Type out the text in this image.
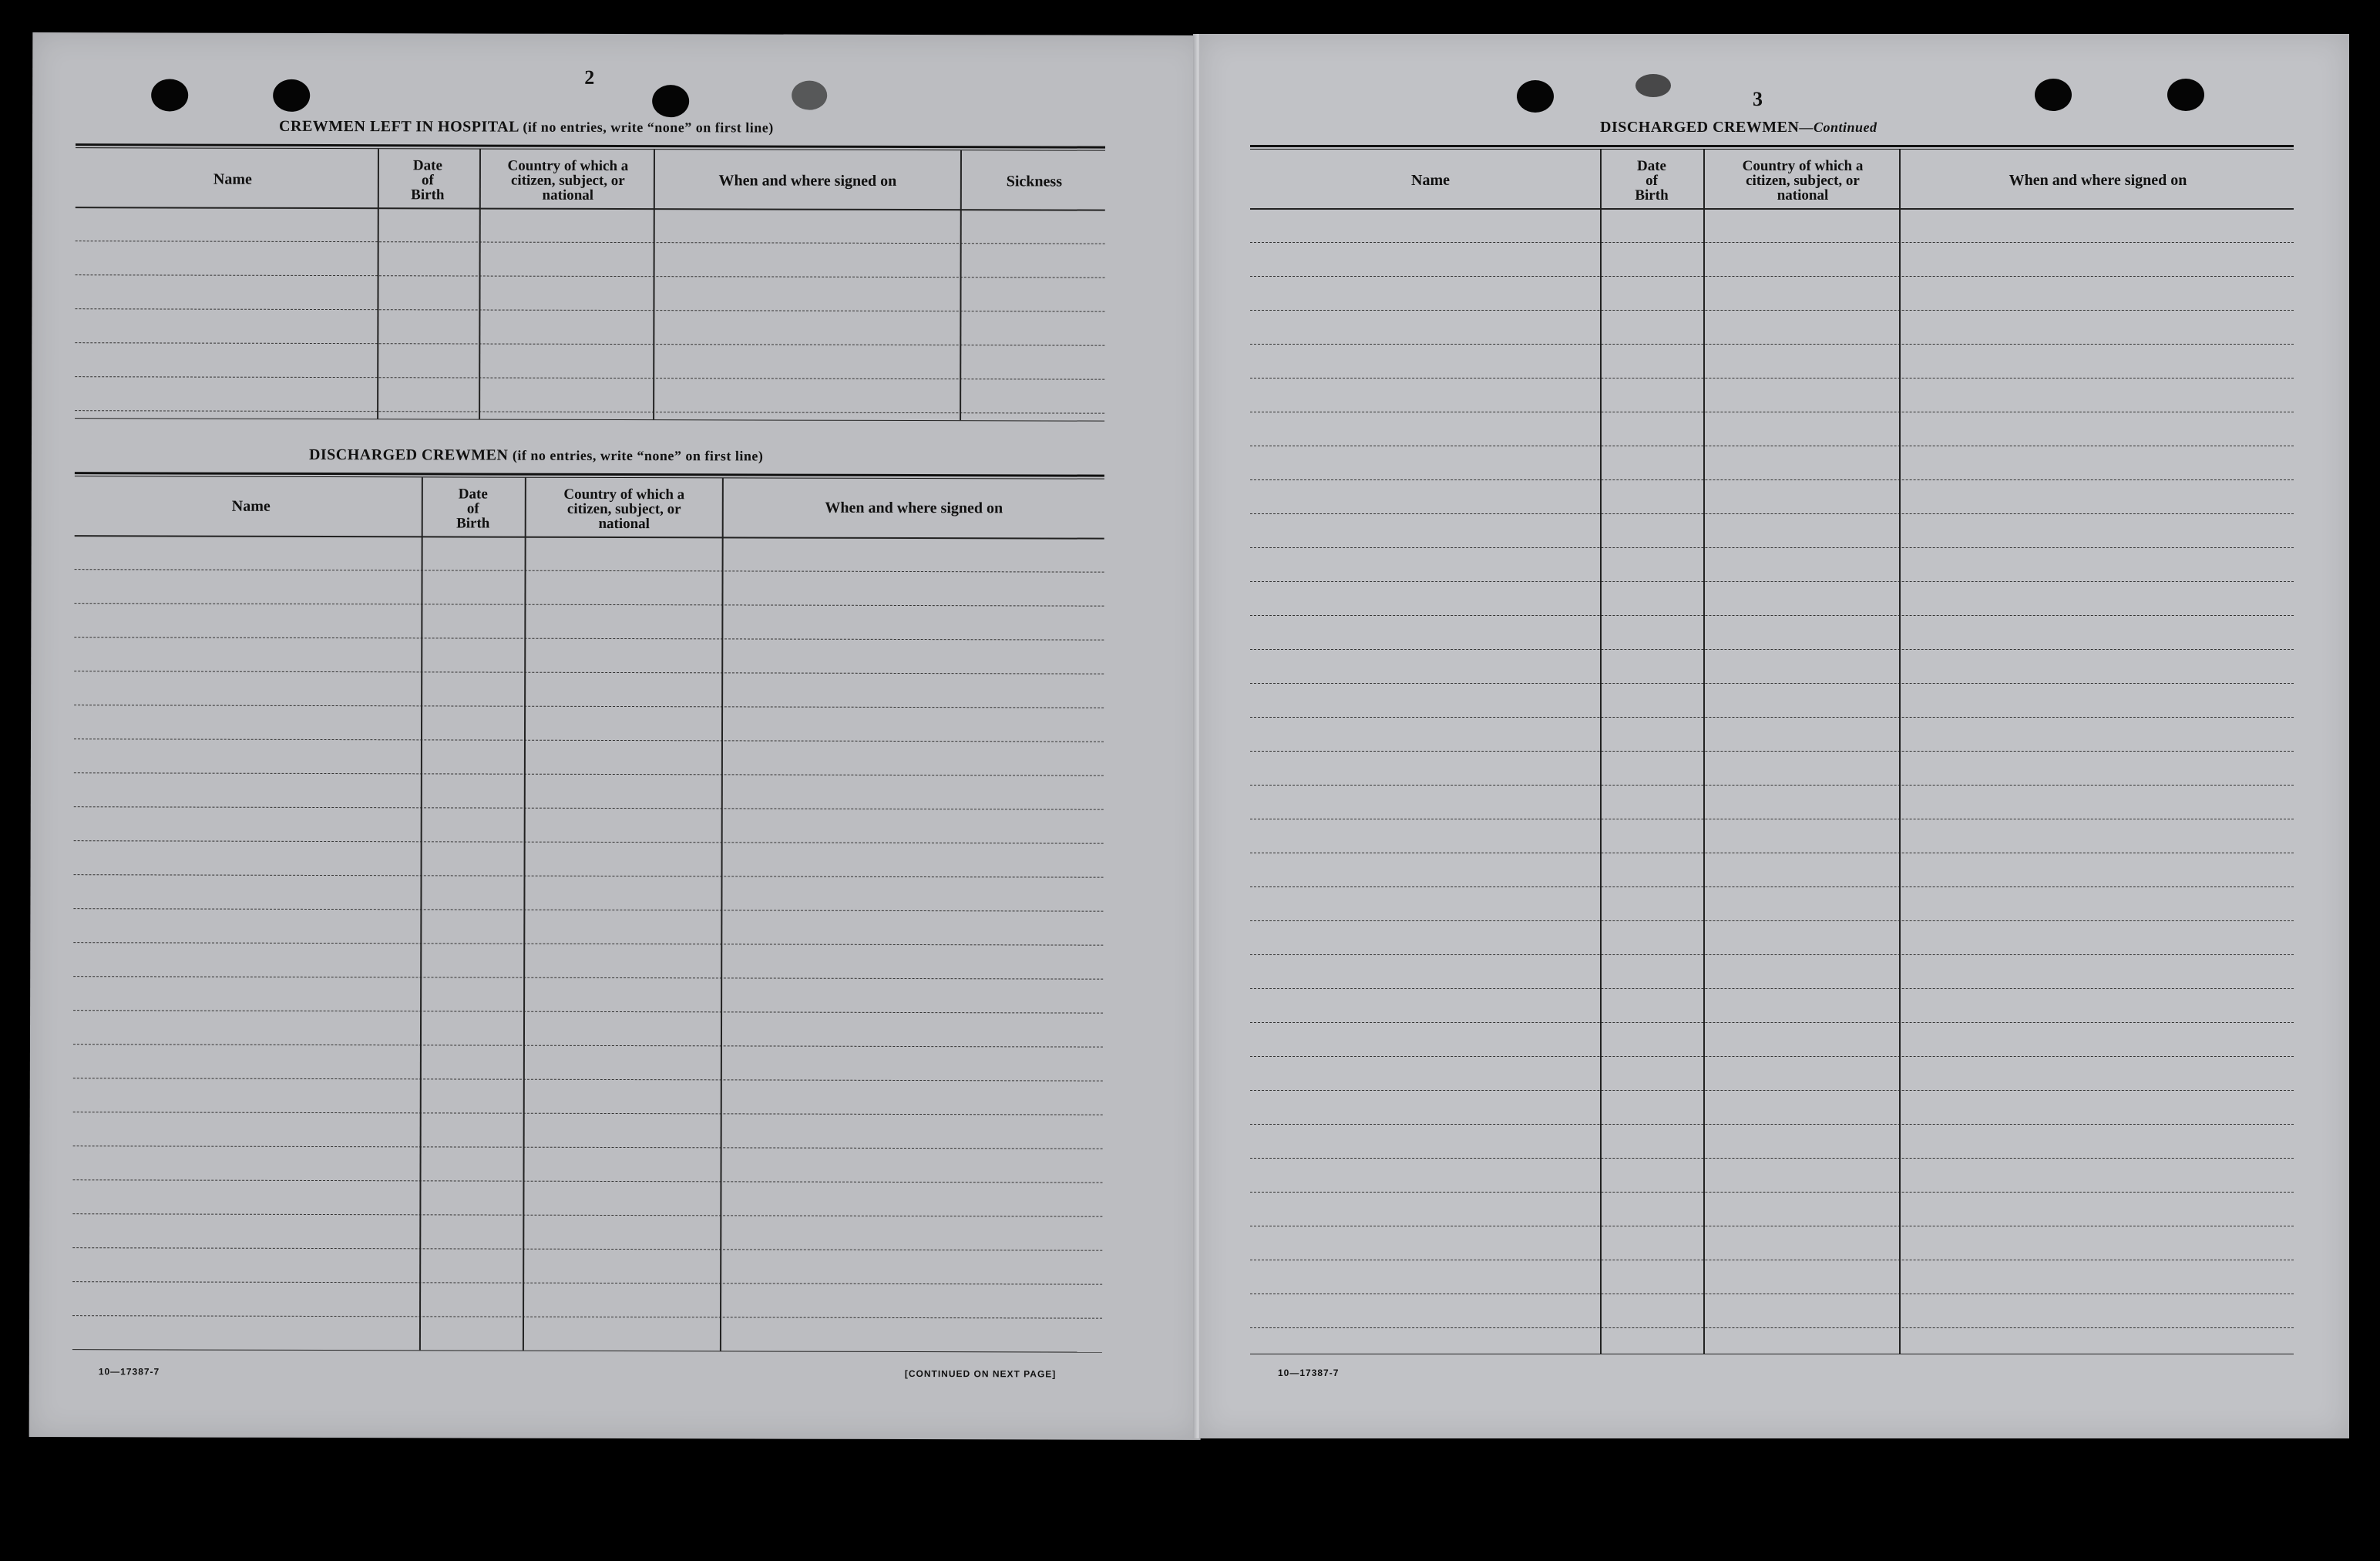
2
CREWMEN LEFT IN HOSPITAL (if no entries, write “none” on first line)
Name
Date
of
Birth
Country of which a
citizen, subject, or
national
When and where signed on	Sickness
DISCHARGED CREWMEN (if no entries, write “none” on first line)
Name
Date
of
Birth
Country of which a
citizen, subject, or
national
When and where signed on
10—17387-7	[CONTINUED ON NEXT PAGE]
3
DISCHARGED CREWMEN—Continued
Name
Date
of
Birth
Country of which a
citizen, subject, or
national
When and where signed on
10—17387-7
